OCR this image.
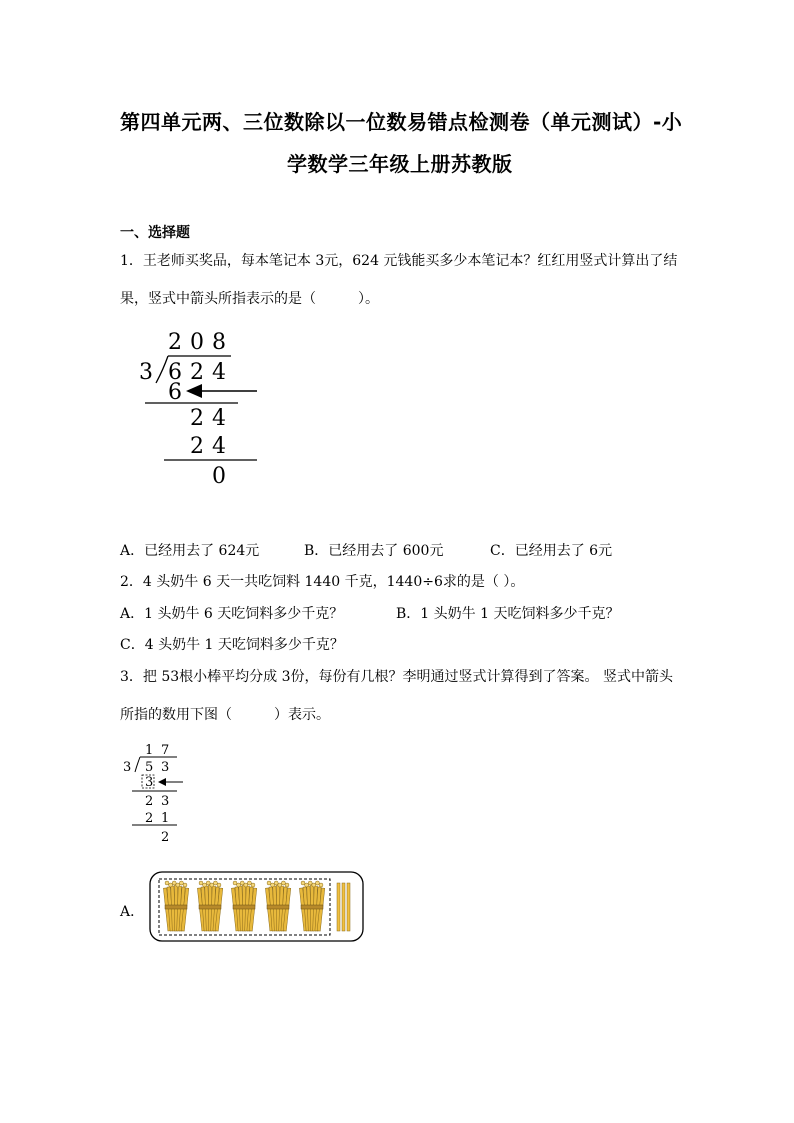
第四单元两、三位数除以一位数易错点检测卷（单元测试）-小
学数学三年级上册苏教版
一、选择题
1．王老师买奖品，每本笔记本 3元，624 元钱能买多少本笔记本？红红用竖式计算出了结
果，竖式中箭头所指表示的是（　　　）。
2 0 8
3 6 2 4
6
2 4
2 4
0
A．已经用去了 624元	B．已经用去了 600元	C．已经用去了 6元
2．4 头奶牛 6 天一共吃饲料 1440 千克，1440÷6求的是（ ）。
A．1 头奶牛 6 天吃饲料多少千克？	B．1 头奶牛 1 天吃饲料多少千克？
C．4 头奶牛 1 天吃饲料多少千克？
3．把 53根小棒平均分成 3份，每份有几根？李明通过竖式计算得到了答案。 竖式中箭头
所指的数用下图（　　　）表示。
1 7
3 5 3
3
2 3
2 1
2
A．
